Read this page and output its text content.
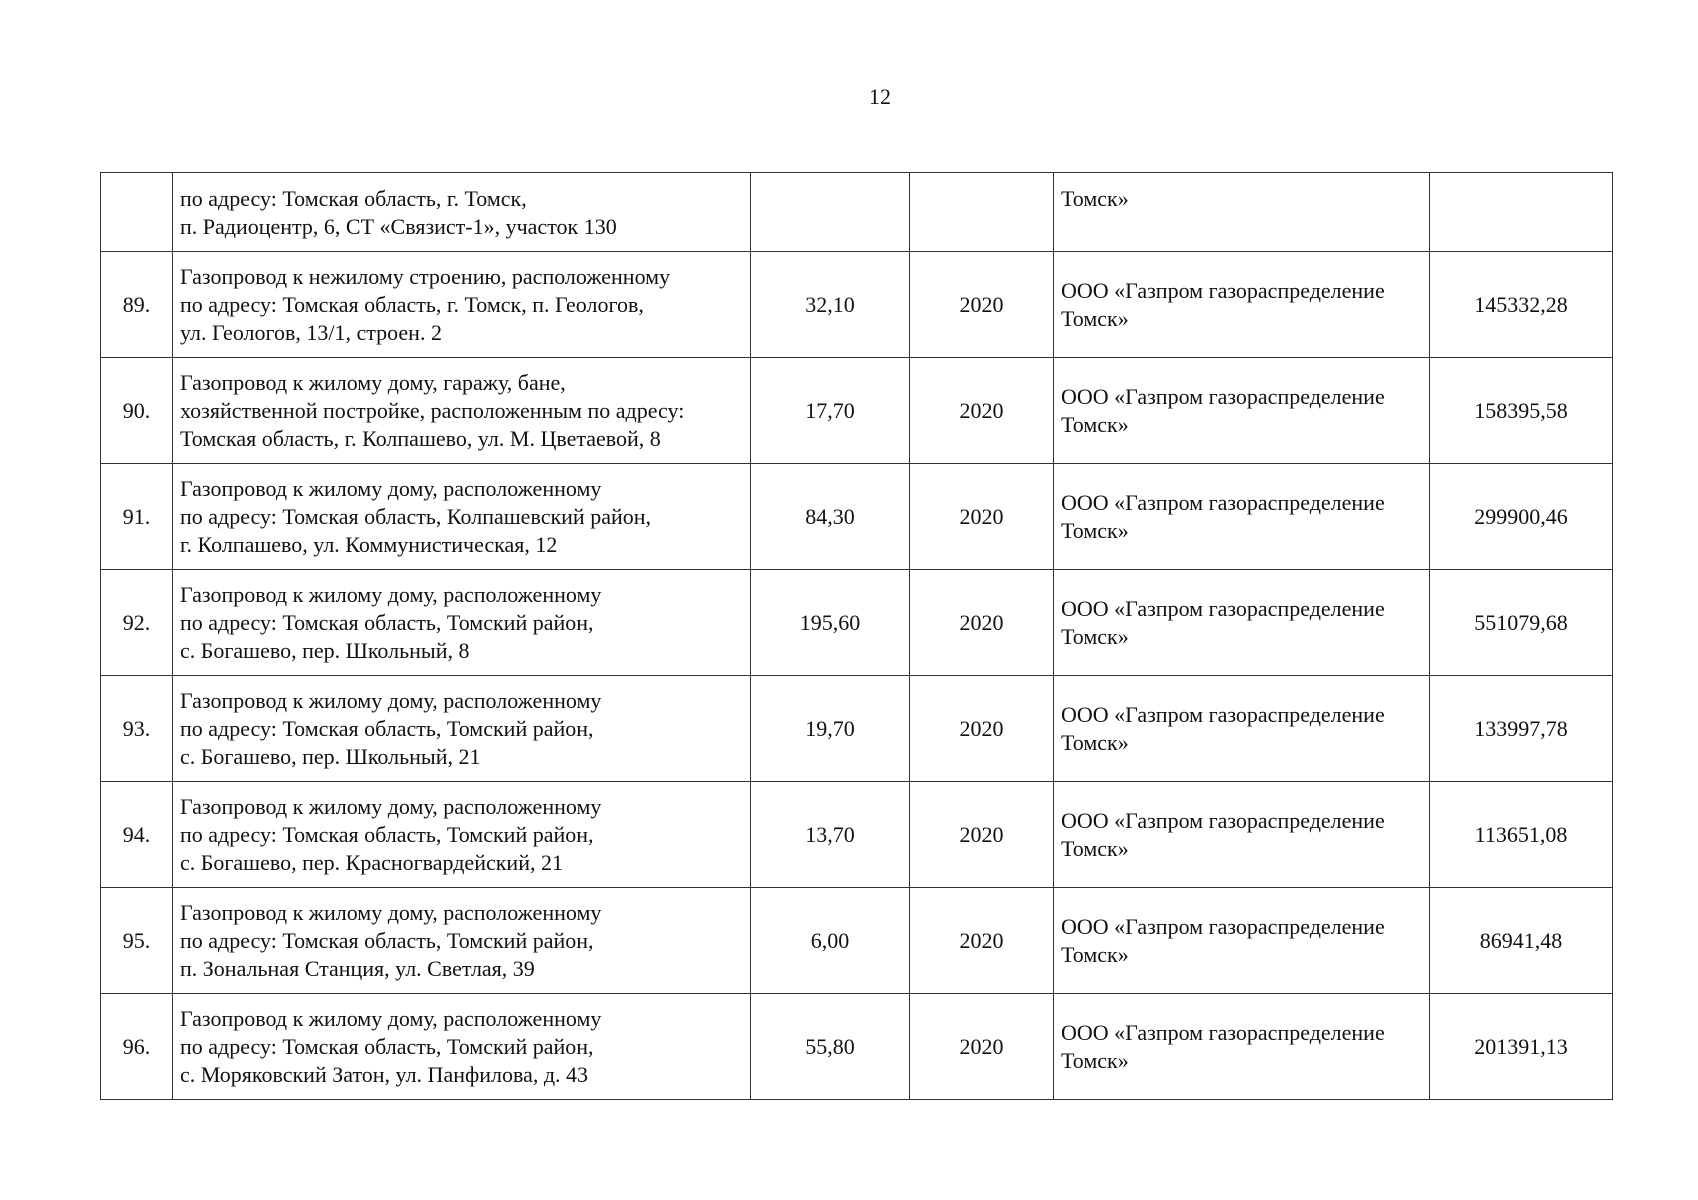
12
	по адресу: Томская область, г. Томск,
п. Радиоцентр, 6, СТ «Связист-1», участок 130			Томск»	
89.	Газопровод к нежилому строению, расположенному
по адресу: Томская область, г. Томск, п. Геологов,
ул. Геологов, 13/1, строен. 2	32,10	2020	ООО «Газпром газораспределение
Томск»	145332,28
90.	Газопровод к жилому дому, гаражу, бане,
хозяйственной постройке, расположенным по адресу:
Томская область, г. Колпашево, ул. М. Цветаевой, 8	17,70	2020	ООО «Газпром газораспределение
Томск»	158395,58
91.	Газопровод к жилому дому, расположенному
по адресу: Томская область, Колпашевский район,
г. Колпашево, ул. Коммунистическая, 12	84,30	2020	ООО «Газпром газораспределение
Томск»	299900,46
92.	Газопровод к жилому дому, расположенному
по адресу: Томская область, Томский район,
с. Богашево, пер. Школьный, 8	195,60	2020	ООО «Газпром газораспределение
Томск»	551079,68
93.	Газопровод к жилому дому, расположенному
по адресу: Томская область, Томский район,
с. Богашево, пер. Школьный, 21	19,70	2020	ООО «Газпром газораспределение
Томск»	133997,78
94.	Газопровод к жилому дому, расположенному
по адресу: Томская область, Томский район,
с. Богашево, пер. Красногвардейский, 21	13,70	2020	ООО «Газпром газораспределение
Томск»	113651,08
95.	Газопровод к жилому дому, расположенному
по адресу: Томская область, Томский район,
п. Зональная Станция, ул. Светлая, 39	6,00	2020	ООО «Газпром газораспределение
Томск»	86941,48
96.	Газопровод к жилому дому, расположенному
по адресу: Томская область, Томский район,
с. Моряковский Затон, ул. Панфилова, д. 43	55,80	2020	ООО «Газпром газораспределение
Томск»	201391,13
